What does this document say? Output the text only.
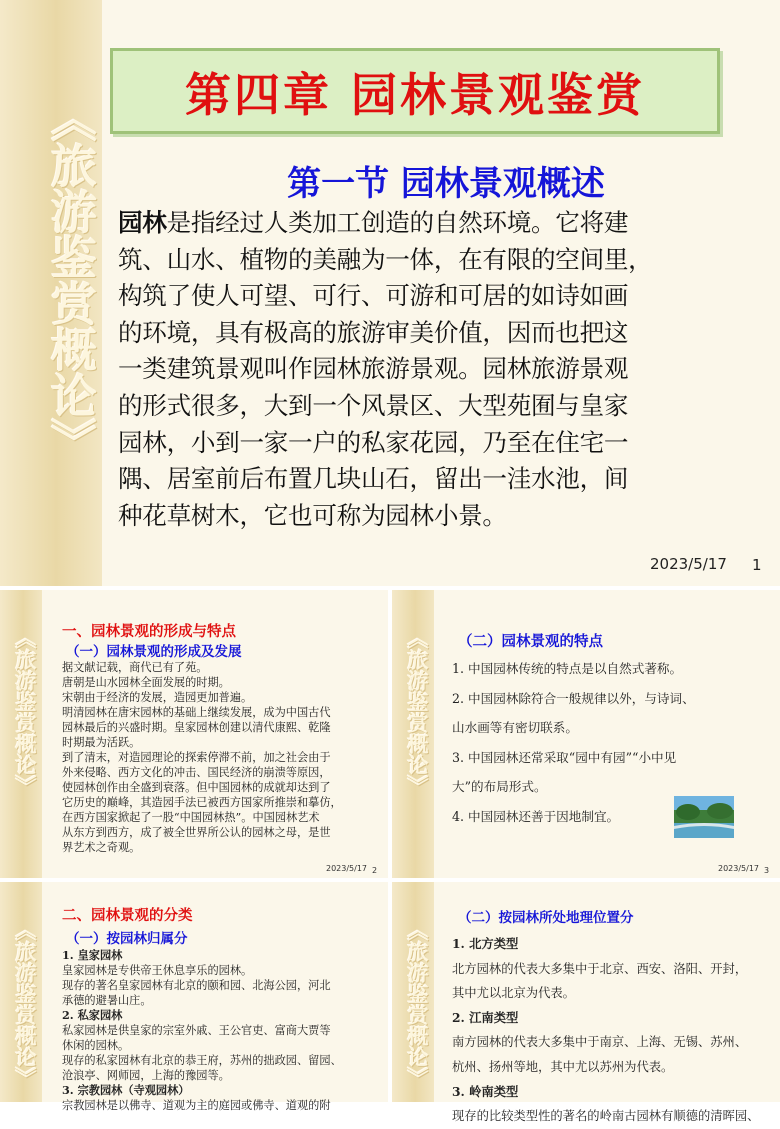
《旅游鉴赏概论》
第四章 园林景观鉴赏
第一节 园林景观概述
园林是指经过人类加工创造的自然环境。它将建
筑、山水、植物的美融为一体，在有限的空间里，
构筑了使人可望、可行、可游和可居的如诗如画
的环境，具有极高的旅游审美价值，因而也把这
一类建筑景观叫作园林旅游景观。园林旅游景观
的形式很多，大到一个风景区、大型苑囿与皇家
园林，小到一家一户的私家花园，乃至在住宅一
隅、居室前后布置几块山石，留出一洼水池，间
种花草树木，它也可称为园林小景。
2023/5/17 1
《旅游鉴赏概论》 一、园林景观的形成与特点
（一）园林景观的形成及发展
据文献记载，商代已有了苑。
唐朝是山水园林全面发展的时期。
宋朝由于经济的发展，造园更加普遍。
明清园林在唐宋园林的基础上继续发展，成为中国古代
园林最后的兴盛时期。皇家园林创建以清代康熙、乾隆
时期最为活跃。
到了清末，对造园理论的探索停滞不前，加之社会由于
外来侵略、西方文化的冲击、国民经济的崩溃等原因，
使园林创作由全盛到衰落。但中国园林的成就却达到了
它历史的巅峰，其造园手法已被西方国家所推崇和摹仿，
在西方国家掀起了一股“中国园林热”。中国园林艺术
从东方到西方，成了被全世界所公认的园林之母，是世
界艺术之奇观。
2023/5/17 2
《旅游鉴赏概论》 （二）园林景观的特点
1. 中国园林传统的特点是以自然式著称。
2. 中国园林除符合一般规律以外，与诗词、
山水画等有密切联系。
3. 中国园林还常采取“园中有园”“小中见
大”的布局形式。
4. 中国园林还善于因地制宜。
2023/5/17 3
《旅游鉴赏概论》
二、园林景观的分类
（一）按园林归属分
1. 皇家园林
皇家园林是专供帝王休息享乐的园林。
现存的著名皇家园林有北京的颐和园、北海公园，河北
承德的避暑山庄。
2. 私家园林
私家园林是供皇家的宗室外戚、王公官吏、富商大贾等
休闲的园林。
现存的私家园林有北京的恭王府，苏州的拙政园、留园、
沧浪亭、网师园，上海的豫园等。
3. 宗教园林（寺观园林）
宗教园林是以佛寺、道观为主的庭园或佛寺、道观的附
《旅游鉴赏概论》
（二）按园林所处地理位置分
1. 北方类型
北方园林的代表大多集中于北京、西安、洛阳、开封，
其中尤以北京为代表。
2. 江南类型
南方园林的代表大多集中于南京、上海、无锡、苏州、
杭州、扬州等地，其中尤以苏州为代表。
3. 岭南类型
现存的比较类型性的著名的岭南古园林有顺德的清晖园、
